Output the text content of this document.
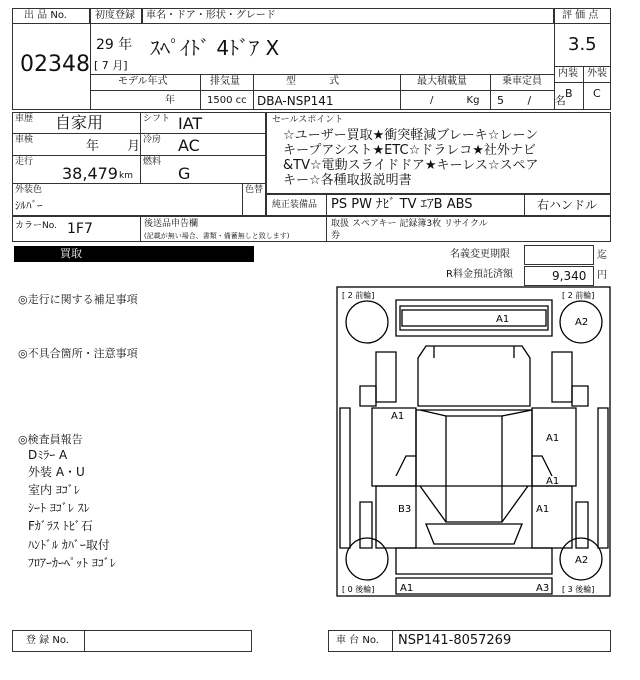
出 品 No.
02348
初度登録
29 年
[ 7 月]
車名・ドア・形状・グレード
ｽﾍﾟｲﾄﾞ 4ﾄﾞｱ X
モデル年式
年
排気量
1500 cc
型 式
DBA-NSP141
最大積載量
/ Kg
乗車定員
5 / 名
評 価 点
3.5
内装 外装
B C
車歴 自家用	シフト IAT
車検	年 月 冷房 AC
走行
38,479 km
燃料
G
外装色
ｼﾙﾊﾞｰ
色替
セールスポイント
☆ユーザー買取★衝突軽減ブレーキ☆レーン
キープアシスト★ETC☆ドラレコ★社外ナビ
&TV☆電動スライドドア★キーレス☆スペア
キー☆各種取扱説明書
純正装備品 PS PW ﾅﾋﾞ TV ｴｱB ABS	右ハンドル
カラーNo. 1F7	後送品申告欄
(記載が無い場合、書類・備蓄無しと致します)
取扱 スペアキー 記録簿3枚 リサイクル
券
買取	名義変更期限	迄
R料金預託済額	9,340 円
◎走行に関する補足事項
◎不具合箇所・注意事項
◎検査員報告
Dﾐﾗｰ A
外装 A・U
室内 ﾖｺﾞﾚ
ｼｰﾄ ﾖｺﾞﾚ ｽﾚ
Fｶﾞﾗｽ ﾄﾋﾞ石
ﾊﾝﾄﾞﾙ ｶﾊﾞｰ取付
ﾌﾛｱｰｶｰﾍﾟｯﾄ ﾖｺﾞﾚ
[ 2 前輪]	[ 2 前輪]
[ 0 後輪]	[ 3 後輪]
A1	A2
A1
A1
A1
A1
B3
A2
A1	A3
登 録 No.	車 台 No. NSP141-8057269
